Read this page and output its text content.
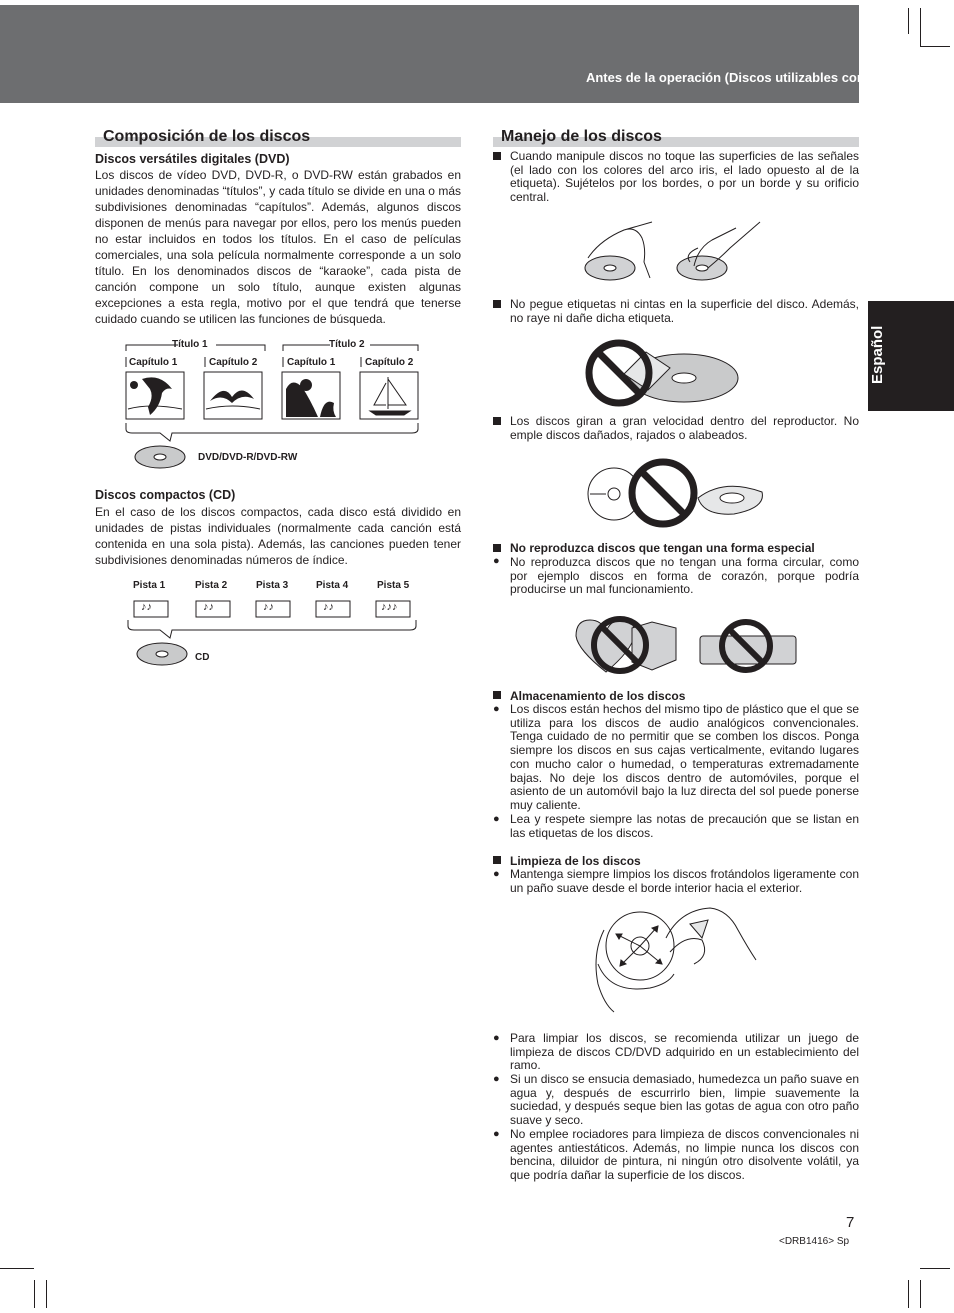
Antes de la operación (Discos utilizables con esta unidad)
Español
Composición de los discos
Discos versátiles digitales (DVD)
Los discos de vídeo DVD, DVD-R, o DVD-RW están grabados en unidades denominadas “títulos”, y cada título se divide en una o más subdivisiones denominadas “capítulos”. Además, algunos discos disponen de menús para navegar por ellos, pero los menús pueden no estar incluidos en todos los títulos. En el caso de películas comerciales, una sola película normalmente corresponde a un solo título. En los denominados discos de “karaoke”, cada pista de canción compone un solo título, aunque existen algunas excepciones a esta regla, motivo por el que tendrá que tenerse cuidado cuando se utilicen las funciones de búsqueda.
Título 1	Título 2
Capítulo 1	Capítulo 2	Capítulo 1	Capítulo 2
DVD/DVD-R/DVD-RW
Discos compactos (CD)
En el caso de los discos compactos, cada disco está dividido en unidades de pistas individuales (normalmente cada canción está contenida en una sola pista). Además, las canciones pueden tener subdivisiones denominadas números de índice.
Pista 1	Pista 2	Pista 3	Pista 4	Pista 5
♪♪	♪♪	♪♪	♪♪	♪♪♪
CD
Manejo de los discos
Cuando manipule discos no toque las superficies de las señales (el lado con los colores del arco iris, el lado opuesto al de la etiqueta). Sujételos por los bordes, o por un borde y su orificio central.
No pegue etiquetas ni cintas en la superficie del disco. Además, no raye ni dañe dicha etiqueta.
Los discos giran a gran velocidad dentro del reproductor. No emple discos dañados, rajados o alabeados.
No reproduzca discos que tengan una forma especial
● No reproduzca discos que no tengan una forma circular, como por ejemplo discos en forma de corazón, porque podría producirse un mal funcionamiento.
Almacenamiento de los discos
● Los discos están hechos del mismo tipo de plástico que el que se utiliza para los discos de audio analógicos convencionales. Tenga cuidado de no permitir que se comben los discos. Ponga siempre los discos en sus cajas verticalmente, evitando lugares con mucho calor o humedad, o temperaturas extremadamente bajas. No deje los discos dentro de automóviles, porque el asiento de un automóvil bajo la luz directa del sol puede ponerse muy caliente.
● Lea y respete siempre las notas de precaución que se listan en las etiquetas de los discos.
Limpieza de los discos
● Mantenga siempre limpios los discos frotándolos ligeramente con un paño suave desde el borde interior hacia el exterior.
● Para limpiar los discos, se recomienda utilizar un juego de limpieza de discos CD/DVD adquirido en un establecimiento del ramo.
● Si un disco se ensucia demasiado, humedezca un paño suave en agua y, después de escurrirlo bien, limpie suavemente la suciedad, y después seque bien las gotas de agua con otro paño suave y seco.
● No emplee rociadores para limpieza de discos convencionales ni agentes antiestáticos. Además, no limpie nunca los discos con bencina, diluidor de pintura, ni ningún otro disolvente volátil, ya que podría dañar la superficie de los discos.
7
<DRB1416> Sp
